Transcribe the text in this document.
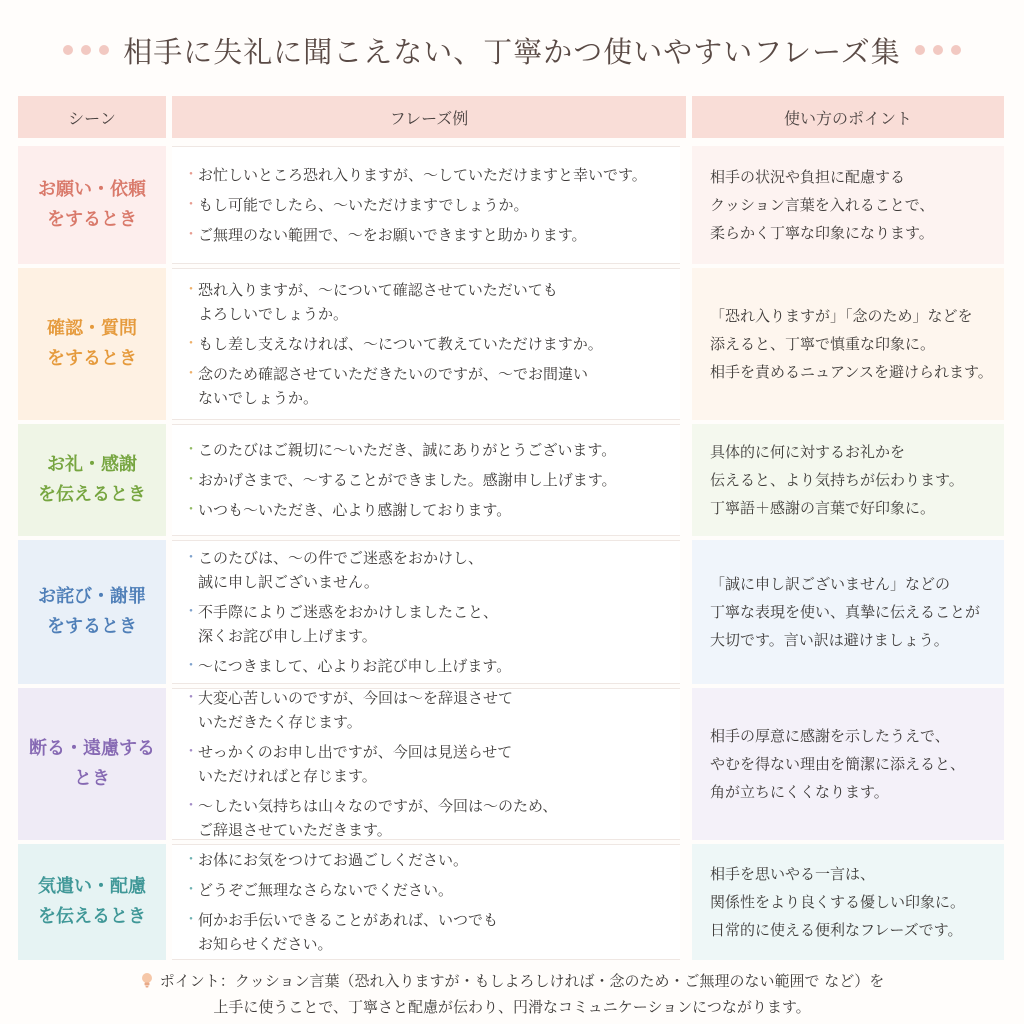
相手に失礼に聞こえない、丁寧かつ使いやすいフレーズ集
シーン	フレーズ例	使い方のポイント
お願い・依頼
をするとき
・ お忙しいところ恐れ入りますが、〜していただけますと幸いです。
・ もし可能でしたら、〜いただけますでしょうか。
・ ご無理のない範囲で、〜をお願いできますと助かります。
相手の状況や負担に配慮する
クッション言葉を入れることで、
柔らかく丁寧な印象になります。
確認・質問
をするとき
・ 恐れ入りますが、〜について確認させていただいても
よろしいでしょうか。
・ もし差し支えなければ、〜について教えていただけますか。
・ 念のため確認させていただきたいのですが、〜でお間違い
ないでしょうか。
「恐れ入りますが」「念のため」などを
添えると、丁寧で慎重な印象に。
相手を責めるニュアンスを避けられます。
お礼・感謝
を伝えるとき
・ このたびはご親切に〜いただき、誠にありがとうございます。
・ おかげさまで、〜することができました。感謝申し上げます。
・ いつも〜いただき、心より感謝しております。
具体的に何に対するお礼かを
伝えると、より気持ちが伝わります。
丁寧語＋感謝の言葉で好印象に。
お詫び・謝罪
をするとき
・ このたびは、〜の件でご迷惑をおかけし、
誠に申し訳ございません。
・ 不手際によりご迷惑をおかけしましたこと、
深くお詫び申し上げます。
・ 〜につきまして、心よりお詫び申し上げます。
「誠に申し訳ございません」などの
丁寧な表現を使い、真摯に伝えることが
大切です。言い訳は避けましょう。
断る・遠慮する
とき
・ 大変心苦しいのですが、今回は〜を辞退させて
いただきたく存じます。
・ せっかくのお申し出ですが、今回は見送らせて
いただければと存じます。
・ 〜したい気持ちは山々なのですが、今回は〜のため、
ご辞退させていただきます。
相手の厚意に感謝を示したうえで、
やむを得ない理由を簡潔に添えると、
角が立ちにくくなります。
気遣い・配慮
を伝えるとき
・ お体にお気をつけてお過ごしください。
・ どうぞご無理なさらないでください。
・ 何かお手伝いできることがあれば、いつでも
お知らせください。
相手を思いやる一言は、
関係性をより良くする優しい印象に。
日常的に使える便利なフレーズです。
ポイント：クッション言葉（恐れ入りますが・もしよろしければ・念のため・ご無理のない範囲で など）を
上手に使うことで、丁寧さと配慮が伝わり、円滑なコミュニケーションにつながります。
